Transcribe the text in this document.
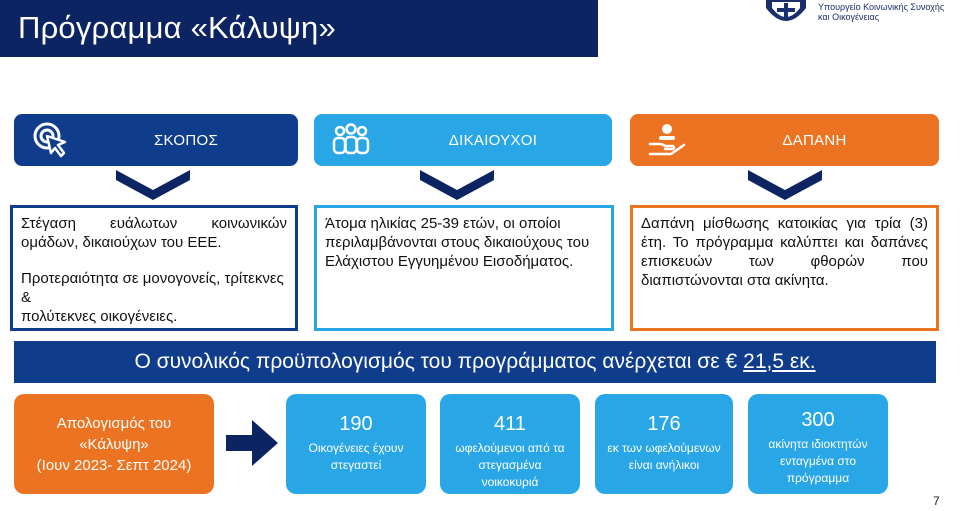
Πρόγραμμα «Κάλυψη»
Υπουργείο Κοινωνικής Συνοχής
και Οικογένειας
ΣΚΟΠΟΣ	ΔΙΚΑΙΟΥΧΟΙ	ΔΑΠΑΝΗ
Στέγαση ευάλωτων κοινωνικών ομάδων, δικαιούχων του ΕΕΕ.
Προτεραιότητα σε μονογονείς, τρίτεκνες &
πολύτεκνες οικογένειες.
Άτομα ηλικίας 25-39 ετών, οι οποίοι περιλαμβάνονται στους δικαιούχους του Ελάχιστου Εγγυημένου Εισοδήματος.
Δαπάνη μίσθωσης κατοικίας για τρία (3) έτη. Το πρόγραμμα καλύπτει και δαπάνες επισκευών των φθορών που διαπιστώνονται στα ακίνητα.
Ο συνολικός προϋπολογισμός του προγράμματος ανέρχεται σε € 21,5 εκ.
Απολογισμός του
«Κάλυψη»
(Ιουν 2023- Σεπτ 2024)
190
Οικογένειες έχουν
στεγαστεί
411
ωφελούμενοι από τα
στεγασμένα
νοικοκυριά
176
εκ των ωφελούμενων
είναι ανήλικοι
300
ακίνητα ιδιοκτητών
ενταγμένα στο
πρόγραμμα
7
